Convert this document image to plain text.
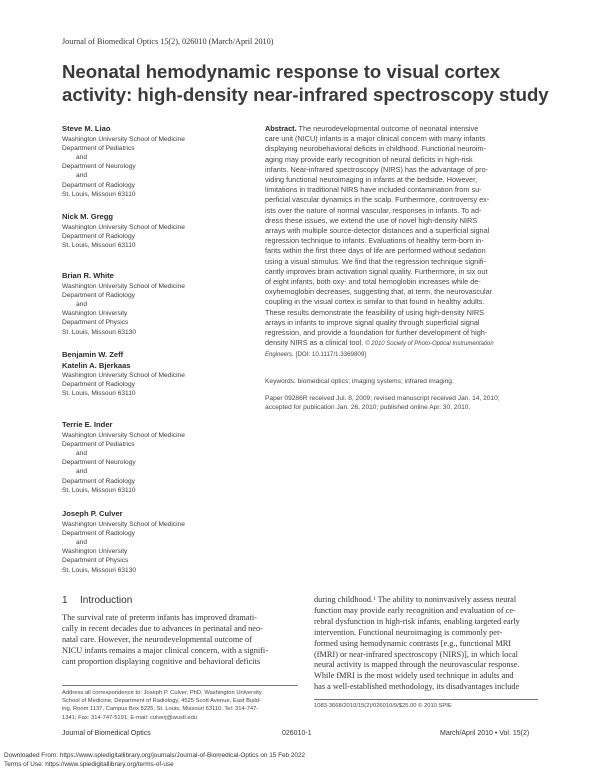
Journal of Biomedical Optics 15(2), 026010 (March/April 2010)
Neonatal hemodynamic response to visual cortex
activity: high-density near-infrared spectroscopy study
Steve M. Liao
Washington University School of Medicine
Department of Pediatrics
and
Department of Neurology
and
Department of Radiology
St. Louis, Missouri 63110
Nick M. Gregg
Washington University School of Medicine
Department of Radiology
St. Louis, Missouri 63110
Brian R. White
Washington University School of Medicine
Department of Radiology
and
Washington University
Department of Physics
St. Louis, Missouri 63130
Benjamin W. Zeff
Katelin A. Bjerkaas
Washington University School of Medicine
Department of Radiology
St. Louis, Missouri 63110
Terrie E. Inder
Washington University School of Medicine
Department of Pediatrics
and
Department of Neurology
and
Department of Radiology
St. Louis, Missouri 63110
Joseph P. Culver
Washington University School of Medicine
Department of Radiology
and
Washington University
Department of Physics
St. Louis, Missouri 63130
Abstract. The neurodevelopmental outcome of neonatal intensive
care unit (NICU) infants is a major clinical concern with many infants
displaying neurobehavioral deficits in childhood. Functional neuroim-
aging may provide early recognition of neural deficits in high-risk
infants. Near-infrared spectroscopy (NIRS) has the advantage of pro-
viding functional neuroimaging in infants at the bedside. However,
limitations in traditional NIRS have included contamination from su-
perficial vascular dynamics in the scalp. Furthermore, controversy ex-
ists over the nature of normal vascular, responses in infants. To ad-
dress these issues, we extend the use of novel high-density NIRS
arrays with multiple source-detector distances and a superficial signal
regression technique to infants. Evaluations of healthy term-born in-
fants within the first three days of life are performed without sedation
using a visual stimulus. We find that the regression technique signifi-
cantly improves brain activation signal quality. Furthermore, in six out
of eight infants, both oxy- and total hemoglobin increases while de-
oxyhemoglobin decreases, suggesting that, at term, the neurovascular
coupling in the visual cortex is similar to that found in healthy adults.
These results demonstrate the feasibility of using high-density NIRS
arrays in infants to improve signal quality through superficial signal
regression, and provide a foundation for further development of high-
density NIRS as a clinical tool. © 2010 Society of Photo-Optical Instrumentation
Engineers. [DOI: 10.1117/1.3369809]
Keywords: biomedical optics; imaging systems; infrared imaging.
Paper 09286R received Jul. 8, 2009; revised manuscript received Jan. 14, 2010;
accepted for publication Jan. 26, 2010; published online Apr. 30, 2010.
1 Introduction
The survival rate of preterm infants has improved dramati-
cally in recent decades due to advances in perinatal and neo-
natal care. However, the neurodevelopmental outcome of
NICU infants remains a major clinical concern, with a signifi-
cant proportion displaying cognitive and behavioral deficits
during childhood.$^1$ The ability to noninvasively assess neural
function may provide early recognition and evaluation of ce-
rebral dysfunction in high-risk infants, enabling targeted early
intervention. Functional neuroimaging is commonly per-
formed using hemodynamic contrasts [e.g., functional MRI
(fMRI) or near-infrared spectroscopy (NIRS)], in which local
neural activity is mapped through the neurovascular response.
While fMRI is the most widely used technique in adults and
has a well-established methodology, its disadvantages include
Address all correspondence to: Joseph P. Culver, PhD, Washington University
School of Medicine, Department of Radiology, 4525 Scott Avenue, East Build-
ing, Room 1137, Campus Box 8225, St. Louis, Missouri 63110. Tel: 314-747-
1341; Fax: 314-747-5191; E-mail: culverj@wustl.edu
1083-3668/2010/15(2)/026010/9/$25.00 © 2010 SPIE
Journal of Biomedical Optics	026010-1	March/April 2010 • Vol. 15(2)
Downloaded From: https://www.spiedigitallibrary.org/journals/Journal-of-Biomedical-Optics on 15 Feb 2022
Terms of Use: https://www.spiedigitallibrary.org/terms-of-use
